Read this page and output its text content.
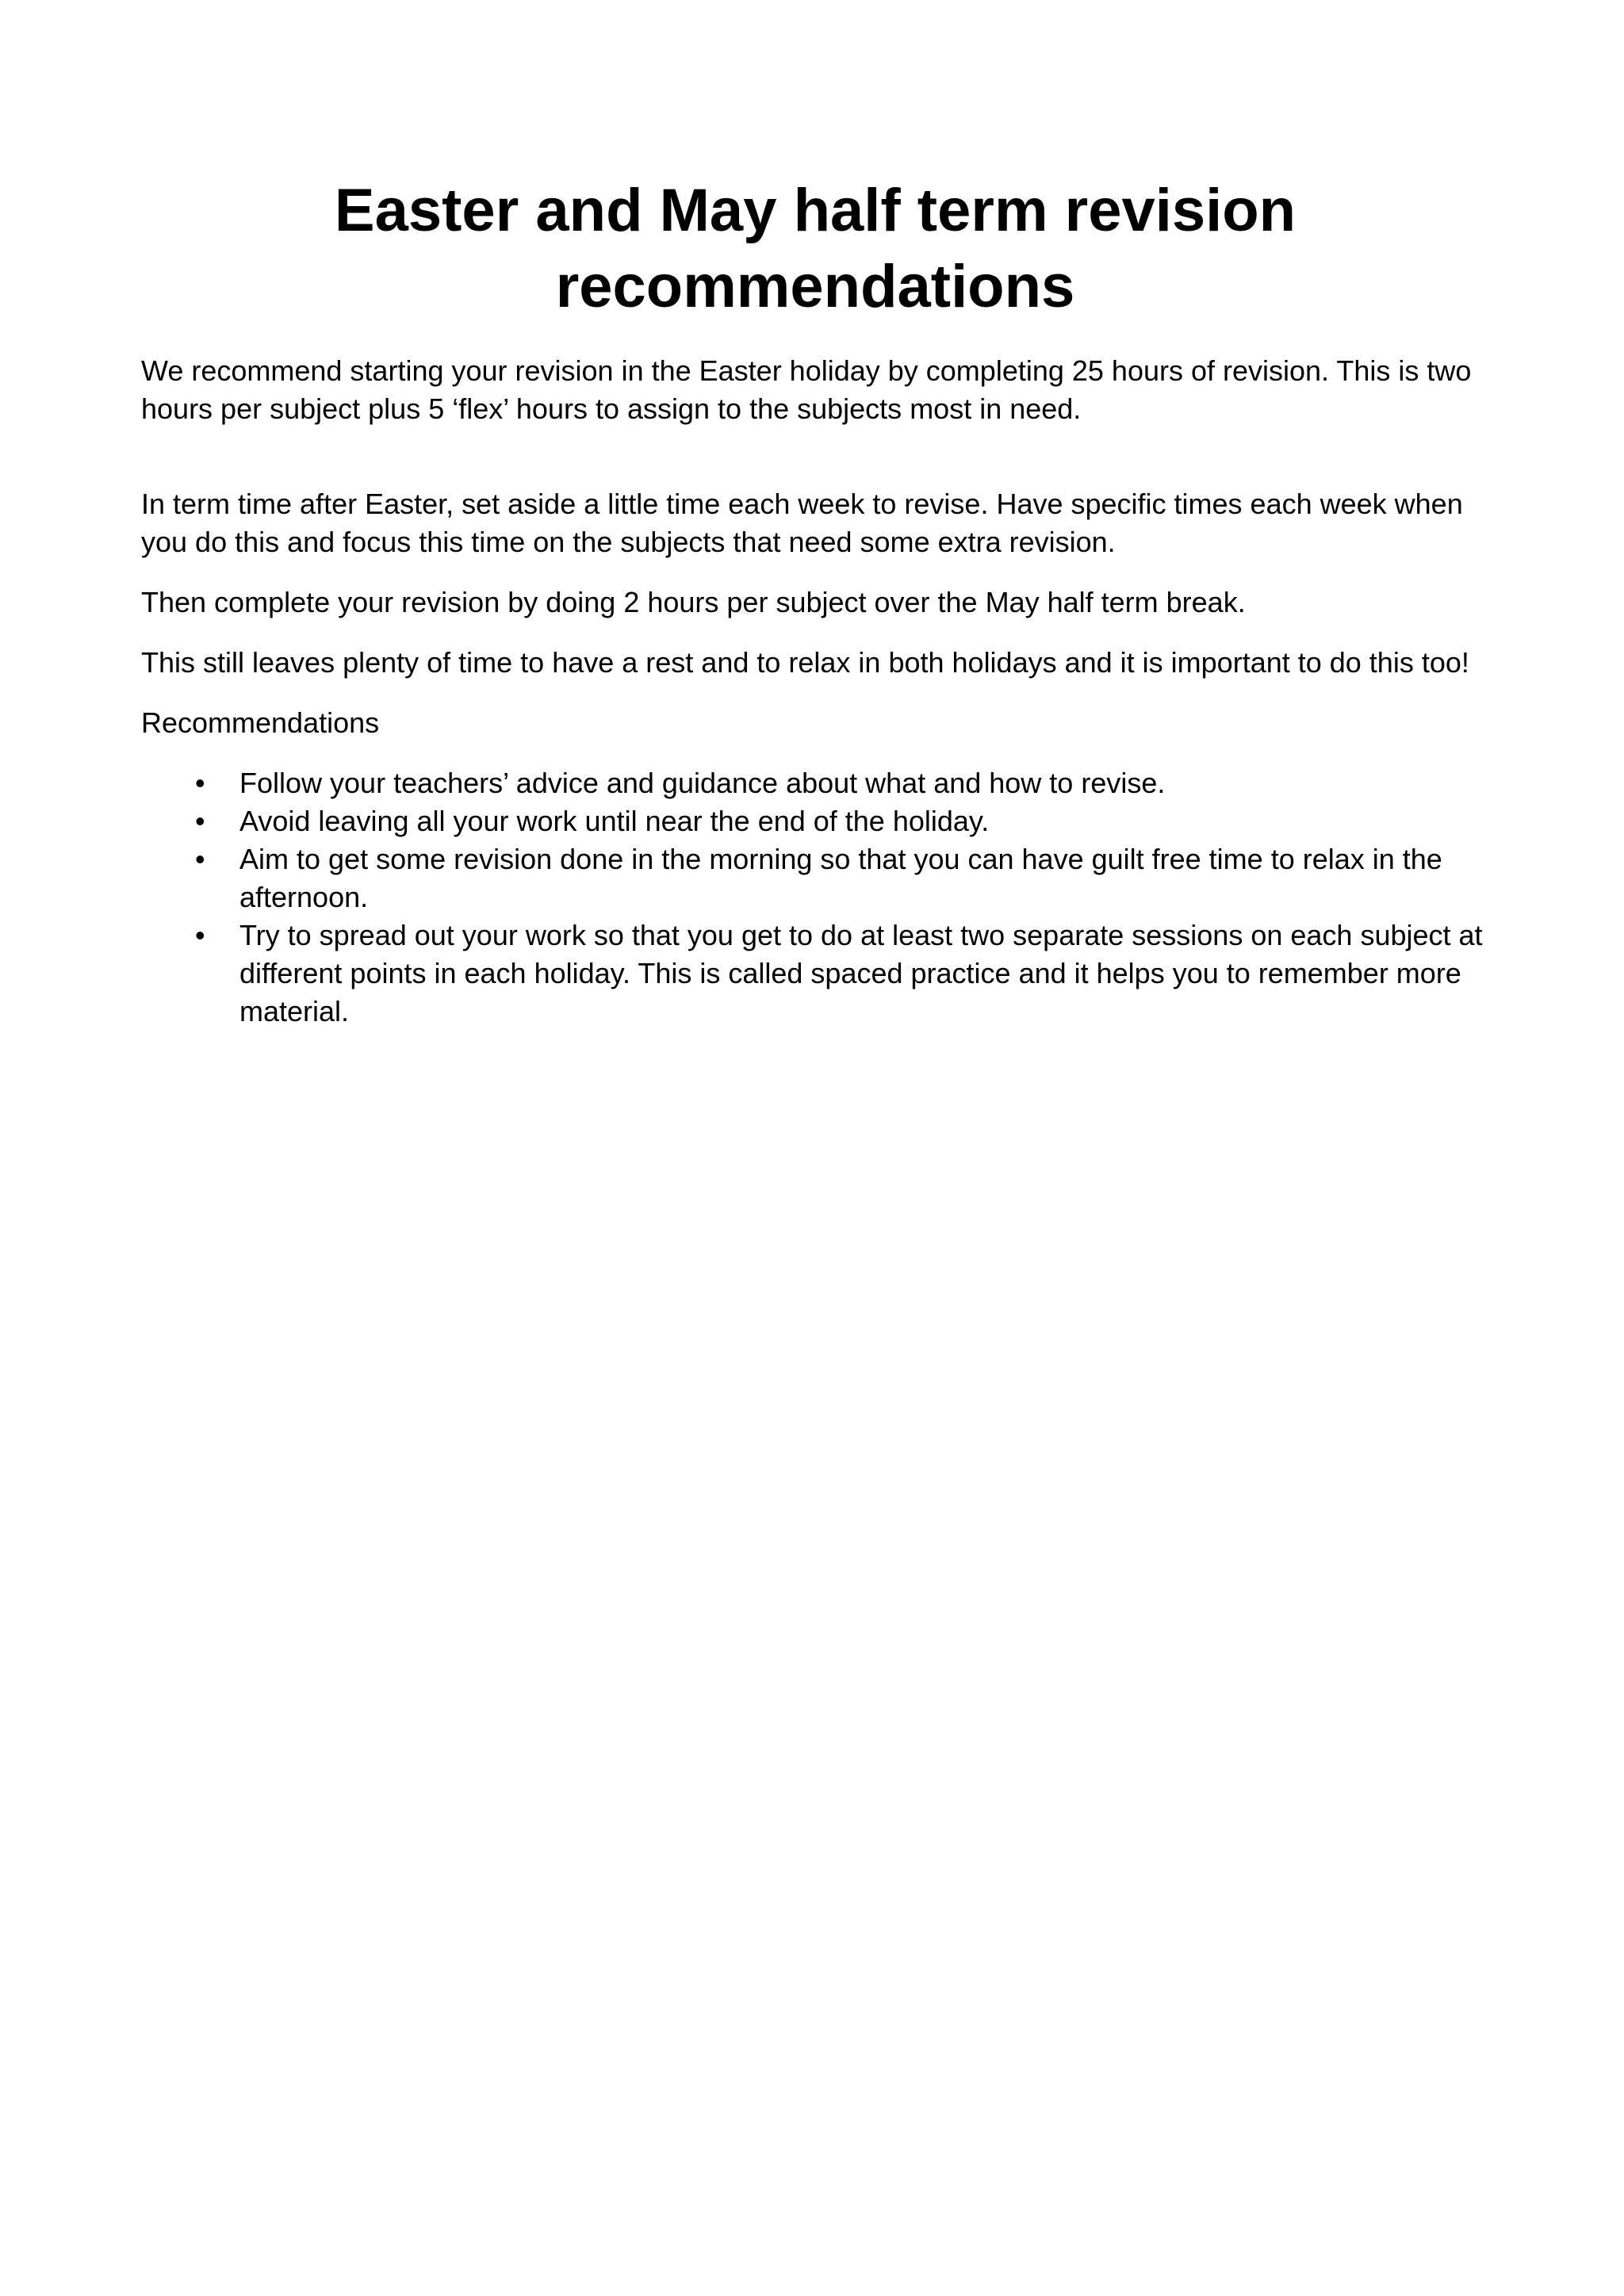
Easter and May half term revision recommendations

We recommend starting your revision in the Easter holiday by completing 25 hours of revision. This is two hours per subject plus 5 ‘flex’ hours to assign to the subjects most in need.

In term time after Easter, set aside a little time each week to revise. Have specific times each week when you do this and focus this time on the subjects that need some extra revision.

Then complete your revision by doing 2 hours per subject over the May half term break.

This still leaves plenty of time to have a rest and to relax in both holidays and it is important to do this too!

Recommendations

• Follow your teachers’ advice and guidance about what and how to revise.
• Avoid leaving all your work until near the end of the holiday.
• Aim to get some revision done in the morning so that you can have guilt free time to relax in the afternoon.
• Try to spread out your work so that you get to do at least two separate sessions on each subject at different points in each holiday. This is called spaced practice and it helps you to remember more material.
